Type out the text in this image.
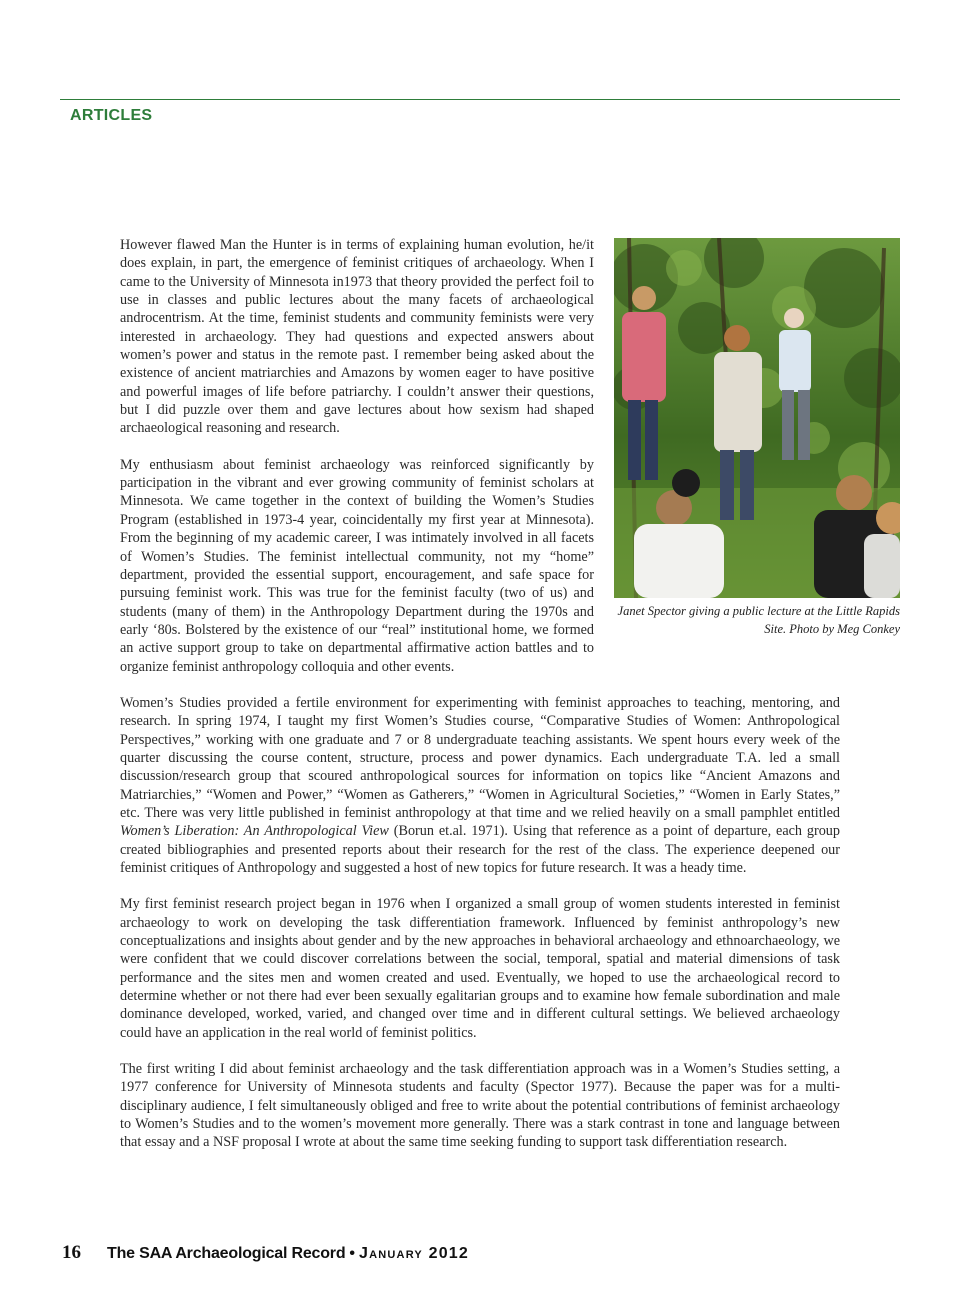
ARTICLES
Janet Spector giving a public lecture at the Little Rapids Site. Photo by Meg Conkey

However flawed Man the Hunter is in terms of explaining human evolution, he/it does explain, in part, the emergence of feminist critiques of archaeology. When I came to the University of Minnesota in1973 that theory provided the perfect foil to use in classes and public lectures about the many facets of archaeological androcentrism. At the time, feminist students and community feminists were very interested in archaeology. They had questions and expected answers about women’s power and status in the remote past. I remember being asked about the existence of ancient matriarchies and Amazons by women eager to have positive and powerful images of life before patriarchy. I couldn’t answer their questions, but I did puzzle over them and gave lectures about how sexism had shaped archaeological reasoning and research.

My enthusiasm about feminist archaeology was reinforced significantly by participation in the vibrant and ever growing community of feminist scholars at Minnesota. We came together in the context of building the Women’s Studies Program (established in 1973-4 year, coincidentally my first year at Minnesota). From the beginning of my academic career, I was intimately involved in all facets of Women’s Studies. The feminist intellectual community, not my “home” department, provided the essential support, encouragement, and safe space for pursuing feminist work. This was true for the feminist faculty (two of us) and students (many of them) in the Anthropology Department during the 1970s and early ‘80s. Bolstered by the existence of our “real” institutional home, we formed an active support group to take on departmental affirmative action battles and to organize feminist anthropology colloquia and other events.

Women’s Studies provided a fertile environment for experimenting with feminist approaches to teaching, mentoring, and research. In spring 1974, I taught my first Women’s Studies course, “Comparative Studies of Women: Anthropological Perspectives,” working with one graduate and 7 or 8 undergraduate teaching assistants. We spent hours every week of the quarter discussing the course content, structure, process and power dynamics. Each undergraduate T.A. led a small discussion/research group that scoured anthropological sources for information on topics like “Ancient Amazons and Matriarchies,” “Women and Power,” “Women as Gatherers,” “Women in Agricultural Societies,” “Women in Early States,” etc. There was very little published in feminist anthropology at that time and we relied heavily on a small pamphlet entitled Women’s Liberation: An Anthropological View (Borun et.al. 1971). Using that reference as a point of departure, each group created bibliographies and presented reports about their research for the rest of the class. The experience deepened our feminist critiques of Anthropology and suggested a host of new topics for future research. It was a heady time.

My first feminist research project began in 1976 when I organized a small group of women students interested in feminist archaeology to work on developing the task differentiation framework. Influenced by feminist anthropology’s new conceptualizations and insights about gender and by the new approaches in behavioral archaeology and ethnoarchaeology, we were confident that we could discover correlations between the social, temporal, spatial and material dimensions of task performance and the sites men and women created and used. Eventually, we hoped to use the archaeological record to determine whether or not there had ever been sexually egalitarian groups and to examine how female subordination and male dominance developed, worked, varied, and changed over time and in different cultural settings. We believed archaeology could have an application in the real world of feminist politics.

The first writing I did about feminist archaeology and the task differentiation approach was in a Women’s Studies setting, a 1977 conference for University of Minnesota students and faculty (Spector 1977). Because the paper was for a multi-disciplinary audience, I felt simultaneously obliged and free to write about the potential contributions of feminist archaeology to Women’s Studies and to the women’s movement more generally. There was a stark contrast in tone and language between that essay and a NSF proposal I wrote at about the same time seeking funding to support task differentiation research.

16 The SAA Archaeological Record • January 2012
